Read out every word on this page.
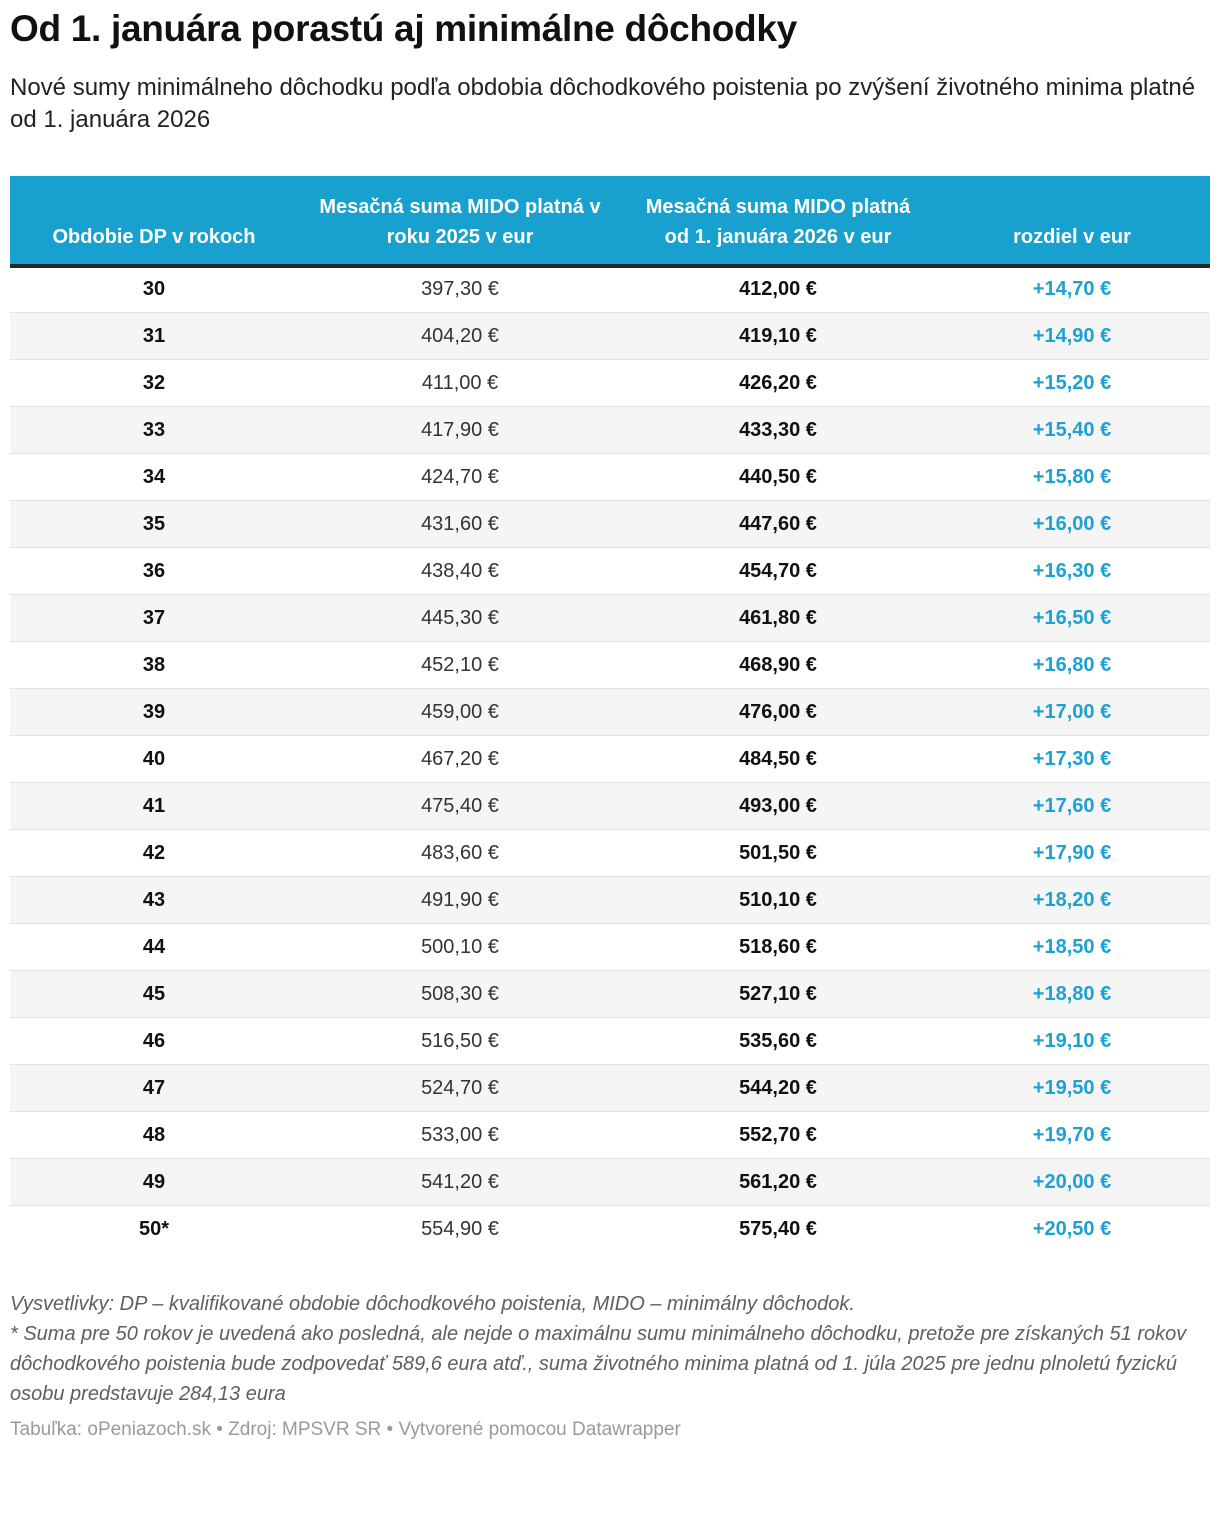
Od 1. januára porastú aj minimálne dôchodky

Nové sumy minimálneho dôchodku podľa obdobia dôchodkového poistenia po zvýšení životného minima platné od 1. januára 2026

Obdobie DP v rokoch	Mesačná suma MIDO platná v roku 2025 v eur	Mesačná suma MIDO platná od 1. januára 2026 v eur	rozdiel v eur
30	397,30 €	412,00 €	+14,70 €
31	404,20 €	419,10 €	+14,90 €
32	411,00 €	426,20 €	+15,20 €
33	417,90 €	433,30 €	+15,40 €
34	424,70 €	440,50 €	+15,80 €
35	431,60 €	447,60 €	+16,00 €
36	438,40 €	454,70 €	+16,30 €
37	445,30 €	461,80 €	+16,50 €
38	452,10 €	468,90 €	+16,80 €
39	459,00 €	476,00 €	+17,00 €
40	467,20 €	484,50 €	+17,30 €
41	475,40 €	493,00 €	+17,60 €
42	483,60 €	501,50 €	+17,90 €
43	491,90 €	510,10 €	+18,20 €
44	500,10 €	518,60 €	+18,50 €
45	508,30 €	527,10 €	+18,80 €
46	516,50 €	535,60 €	+19,10 €
47	524,70 €	544,20 €	+19,50 €
48	533,00 €	552,70 €	+19,70 €
49	541,20 €	561,20 €	+20,00 €
50*	554,90 €	575,40 €	+20,50 €

Vysvetlivky: DP – kvalifikované obdobie dôchodkového poistenia, MIDO – minimálny dôchodok.

* Suma pre 50 rokov je uvedená ako posledná, ale nejde o maximálnu sumu minimálneho dôchodku, pretože pre získaných 51 rokov dôchodkového poistenia bude zodpovedať 589,6 eura atď., suma životného minima platná od 1. júla 2025 pre jednu plnoletú fyzickú osobu predstavuje 284,13 eura

Tabuľka: oPeniazoch.sk • Zdroj: MPSVR SR • Vytvorené pomocou Datawrapper
